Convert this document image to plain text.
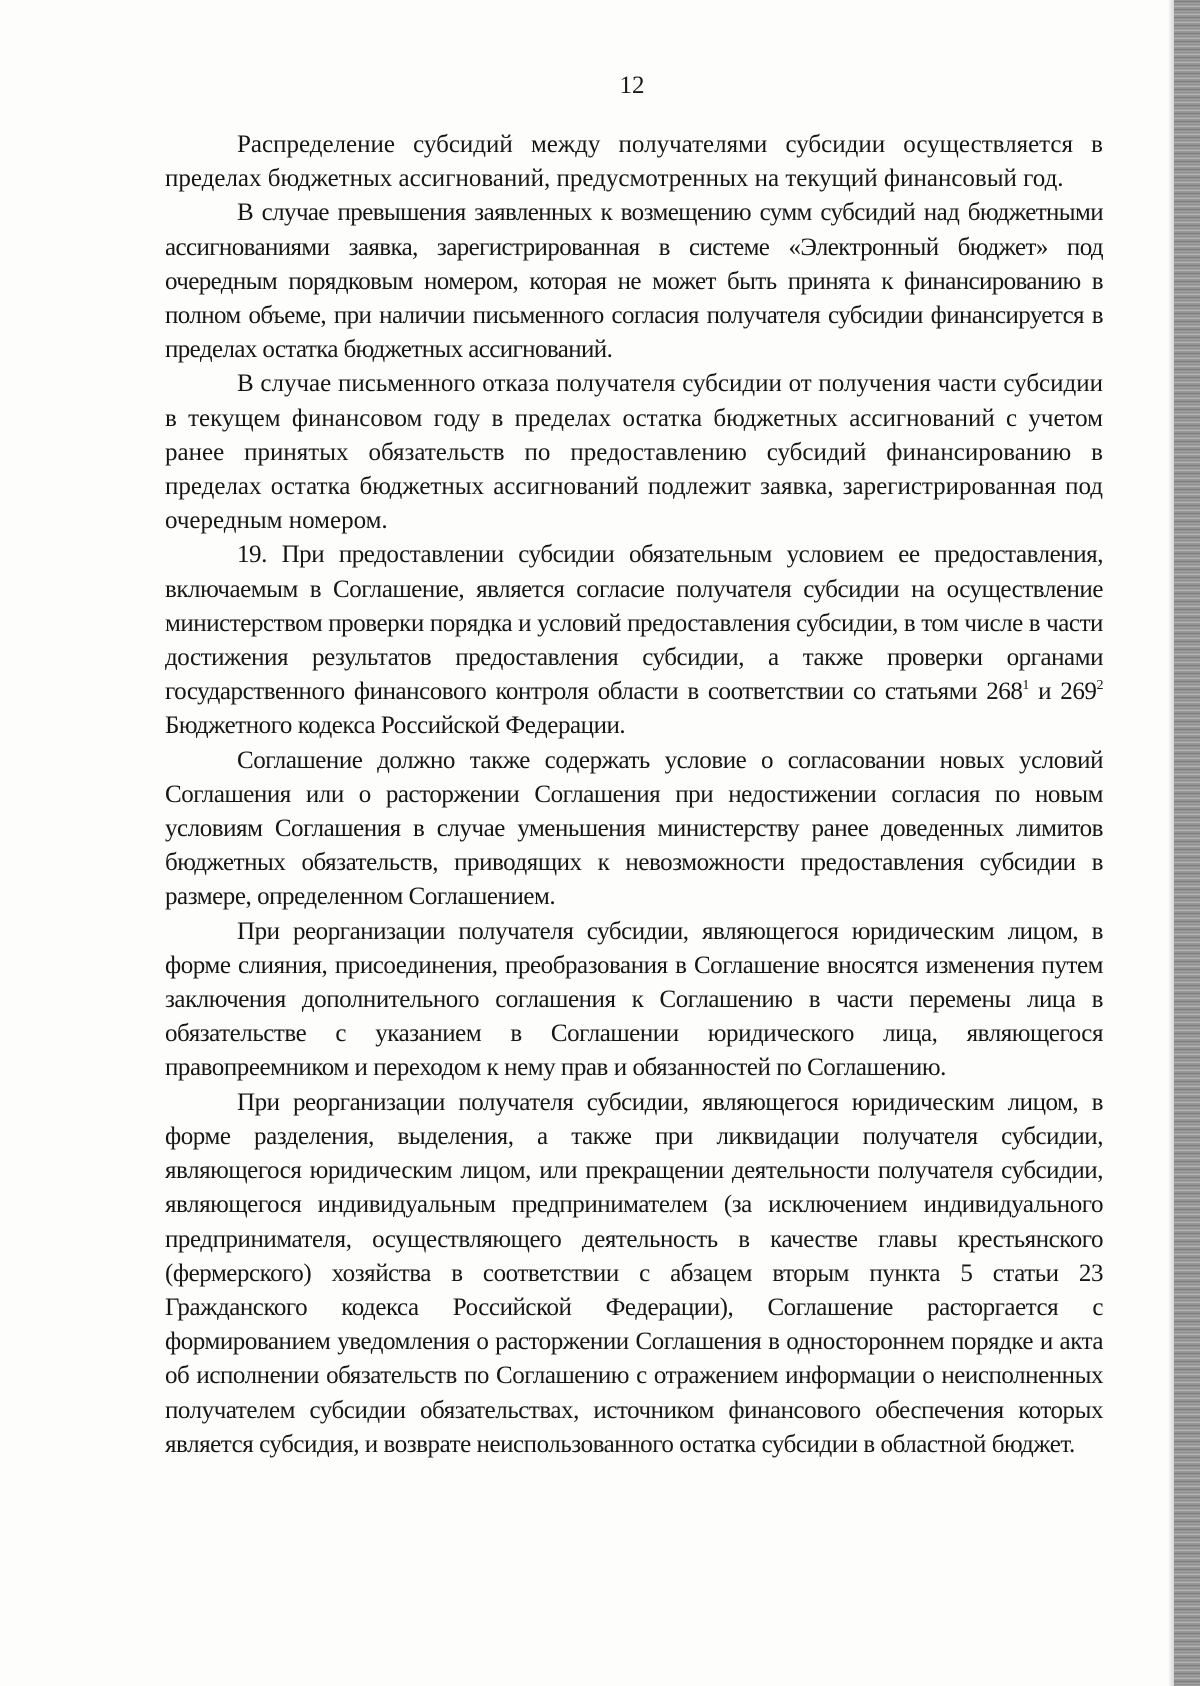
12

Распределение субсидий между получателями субсидии осуществляется в пределах бюджетных ассигнований, предусмотренных на текущий финансовый год.

В случае превышения заявленных к возмещению сумм субсидий над бюджетными ассигнованиями заявка, зарегистрированная в системе «Электронный бюджет» под очередным порядковым номером, которая не может быть принята к финансированию в полном объеме, при наличии письменного согласия получателя субсидии финансируется в пределах остатка бюджетных ассигнований.

В случае письменного отказа получателя субсидии от получения части субсидии в текущем финансовом году в пределах остатка бюджетных ассигнований с учетом ранее принятых обязательств по предоставлению субсидий финансированию в пределах остатка бюджетных ассигнований подлежит заявка, зарегистрированная под очередным номером.

19. При предоставлении субсидии обязательным условием ее предоставления, включаемым в Соглашение, является согласие получателя субсидии на осуществление министерством проверки порядка и условий предоставления субсидии, в том числе в части достижения результатов предоставления субсидии, а также проверки органами государственного финансового контроля области в соответствии со статьями $268^1$ и $269^2$ Бюджетного кодекса Российской Федерации.

Соглашение должно также содержать условие о согласовании новых условий Соглашения или о расторжении Соглашения при недостижении согласия по новым условиям Соглашения в случае уменьшения министерству ранее доведенных лимитов бюджетных обязательств, приводящих к невозможности предоставления субсидии в размере, определенном Соглашением.

При реорганизации получателя субсидии, являющегося юридическим лицом, в форме слияния, присоединения, преобразования в Соглашение вносятся изменения путем заключения дополнительного соглашения к Соглашению в части перемены лица в обязательстве с указанием в Соглашении юридического лица, являющегося правопреемником и переходом к нему прав и обязанностей по Соглашению.

При реорганизации получателя субсидии, являющегося юридическим лицом, в форме разделения, выделения, а также при ликвидации получателя субсидии, являющегося юридическим лицом, или прекращении деятельности получателя субсидии, являющегося индивидуальным предпринимателем (за исключением индивидуального предпринимателя, осуществляющего деятельность в качестве главы крестьянского (фермерского) хозяйства в соответствии с абзацем вторым пункта 5 статьи 23 Гражданского кодекса Российской Федерации), Соглашение расторгается с формированием уведомления о расторжении Соглашения в одностороннем порядке и акта об исполнении обязательств по Соглашению с отражением информации о неисполненных получателем субсидии обязательствах, источником финансового обеспечения которых является субсидия, и возврате неиспользованного остатка субсидии в областной бюджет.
